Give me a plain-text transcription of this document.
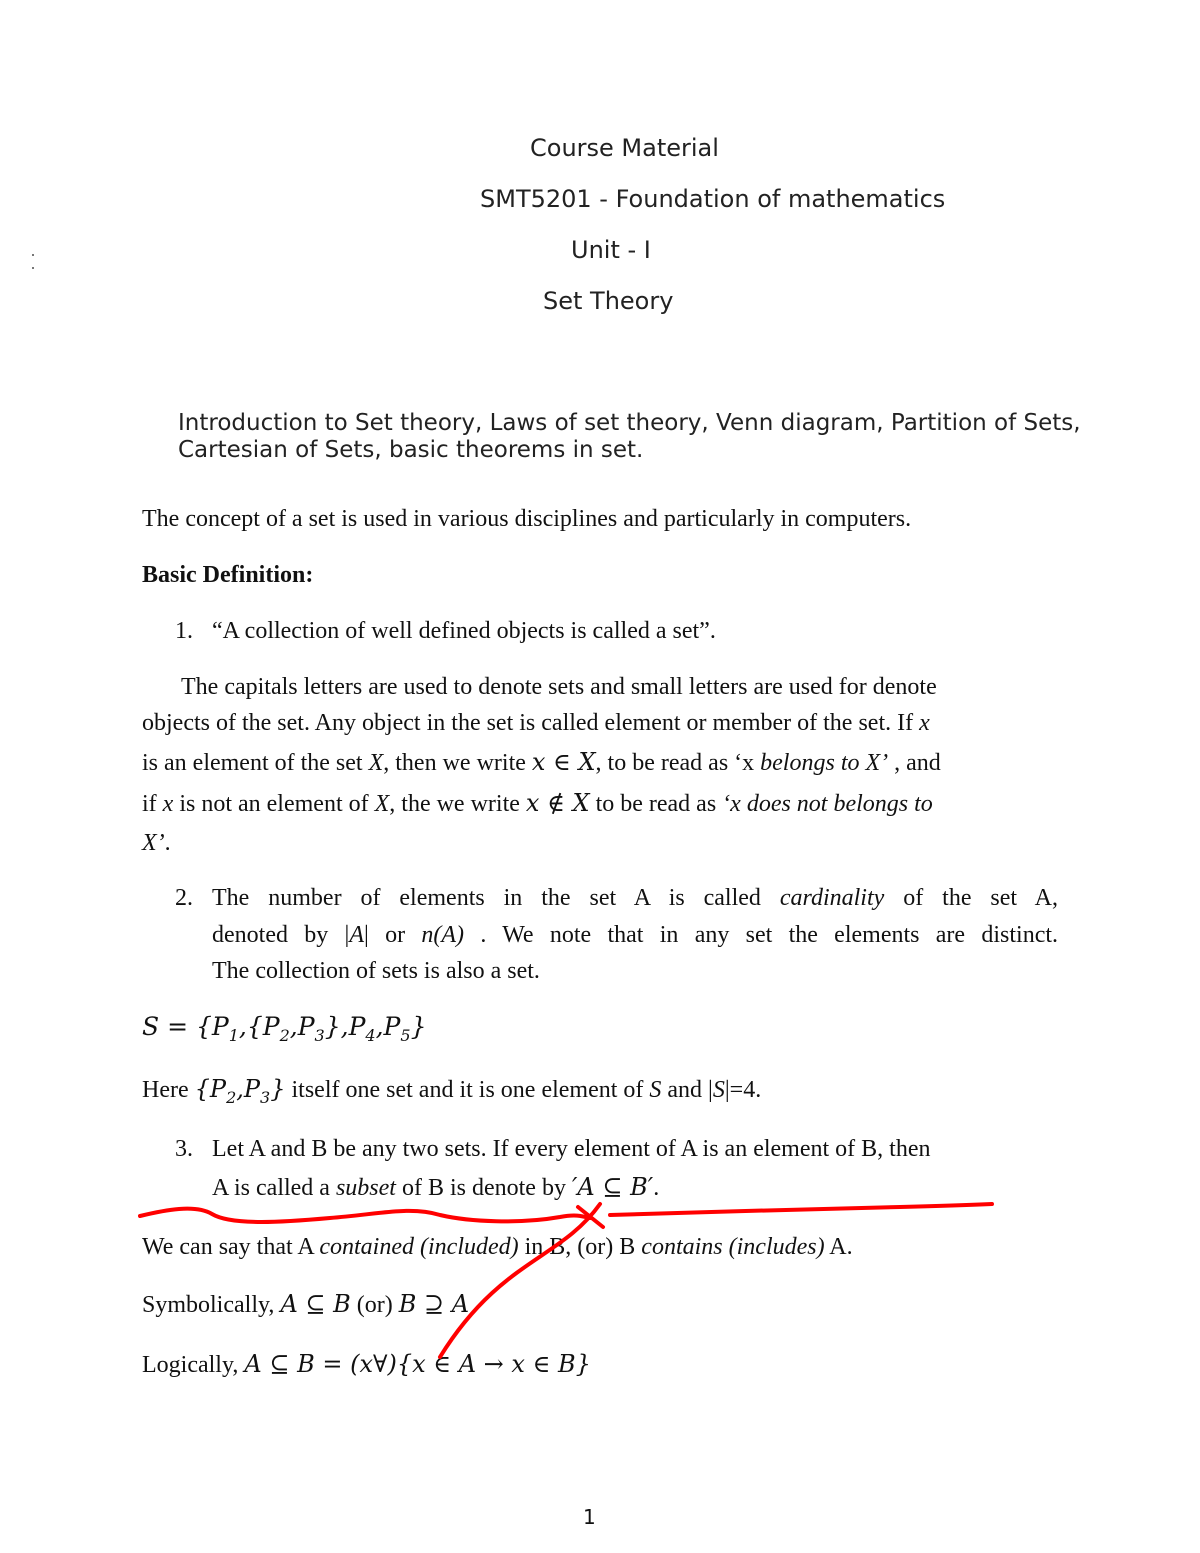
Course Material
SMT5201 - Foundation of mathematics
Unit - I
Set Theory
Introduction to Set theory, Laws of set theory, Venn diagram, Partition of Sets,
Cartesian of Sets, basic theorems in set.
The concept of a set is used in various disciplines and particularly in computers.
Basic Definition:
1. “A collection of well defined objects is called a set”.
The capitals letters are used to denote sets and small letters are used for denote
objects of the set. Any object in the set is called element or member of the set. If x
is an element of the set X, then we write x ∈ X, to be read as ‘x belongs to X’ , and
if x is not an element of X, the we write x ∉ X to be read as ‘x does not belongs to
X’.
2. The number of elements in the set A is called cardinality of the set A,
denoted by |A| or n(A) . We note that in any set the elements are distinct.
The collection of sets is also a set.
$S = \{P_1,\{P_2,P_3\},P_4,P_5\}$
Here $\{P_2,P_3\}$ itself one set and it is one element of S and |S|=4.
3. Let A and B be any two sets. If every element of A is an element of B, then
A is called a subset of B is denote by ′A ⊆ B′.
We can say that A contained (included) in B, (or) B contains (includes) A.
Symbolically, A ⊆ B (or) B ⊇ A
Logically, A ⊆ B = (x∀){x ∈ A → x ∈ B}
1
